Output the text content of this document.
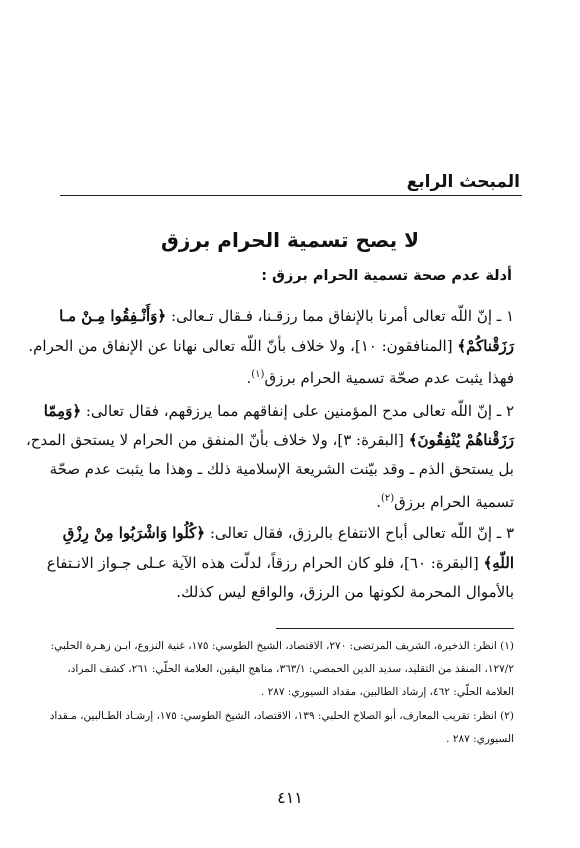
المبحث الرابع
لا يصح تسمية الحرام برزق
أدلة عدم صحة تسمية الحرام برزق :
١ ـ إنّ اللّه تعالى أمرنا بالإنفاق مما رزقـنا، فـقال تـعالى: ﴿وَأَنْـفِقُوا مِـنْ مـا
رَزَقْناكُمْ﴾ [المنافقون: ١٠]، ولا خلاف بأنّ اللّه تعالى نهانا عن الإنفاق من الحرام.
فهذا يثبت عدم صحّة تسمية الحرام برزق$^{(١)}$.
٢ ـ إنّ اللّه تعالى مدح المؤمنين على إنفاقهم مما يرزقهم، فقال تعالى: ﴿وَمِمّا
رَزَقْناهُمْ يُنْفِقُونَ﴾ [البقرة: ٣]، ولا خلاف بأنّ المنفق من الحرام لا يستحق المدح،
بل يستحق الذم ـ وقد بيّنت الشريعة الإسلامية ذلك ـ وهذا ما يثبت عدم صحّة
تسمية الحرام برزق$^{(٢)}$.
٣ ـ إنّ اللّه تعالى أباح الانتفاع بالرزق، فقال تعالى: ﴿كُلُوا وَاشْرَبُوا مِنْ رِزْقِ
اللّهِ﴾ [البقرة: ٦٠]، فلو كان الحرام رزقاً، لدلّت هذه الآية عـلى جـواز الانـتفاع
بالأموال المحرمة لكونها من الرزق، والواقع ليس كذلك.
(١) انظر: الذخيرة، الشريف المرتضى: ٢٧٠، الاقتصاد، الشيخ الطوسي: ١٧٥، غنية النزوع، ابـن زهـرة الحلبي:
١٢٧/٢، المنقذ من التقليد، سديد الدين الحمصي: ٣٦٣/١، مناهج اليقين، العلامة الحلّي: ٢٦١، كشف المراد،
العلامة الحلّي: ٤٦٢، إرشاد الطالبين، مقداد السيوري: ٢٨٧ .
(٢) انظر: تقريب المعارف، أبو الصلاح الحلبي: ١٣٩، الاقتصاد، الشيخ الطوسي: ١٧٥، إرشـاد الطـالبين، مـقداد
السيوري: ٢٨٧ .
٤١١
